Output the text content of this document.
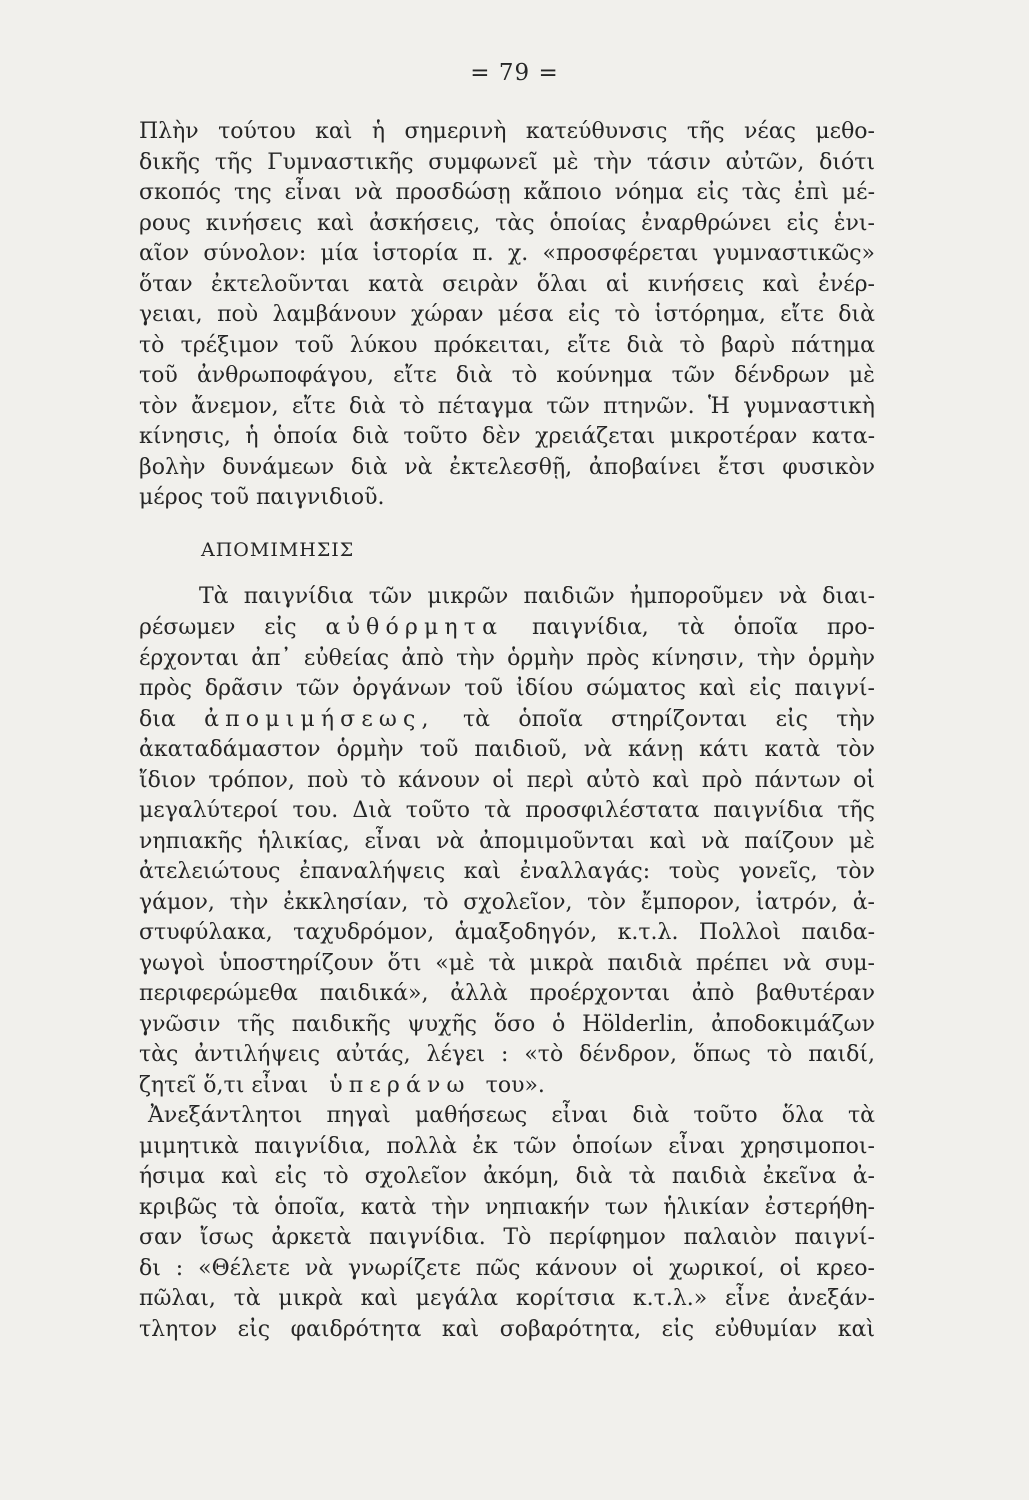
= 79 =
Πλὴν τούτου καὶ ἡ σημερινὴ κατεύθυνσις τῆς νέας μεθο-
δικῆς τῆς Γυμναστικῆς συμφωνεῖ μὲ τὴν τάσιν αὐτῶν, διότι
σκοπός της εἶναι νὰ προσδώσῃ κἄποιο νόημα εἰς τὰς ἐπὶ μέ-
ρους κινήσεις καὶ ἀσκήσεις, τὰς ὁποίας ἐναρθρώνει εἰς ἑνι-
αῖον σύνολον: μία ἱστορία π. χ. «προσφέρεται γυμναστικῶς»
ὅταν ἐκτελοῦνται κατὰ σειρὰν ὅλαι αἱ κινήσεις καὶ ἐνέρ-
γειαι, ποὺ λαμβάνουν χώραν μέσα εἰς τὸ ἱστόρημα, εἴτε διὰ
τὸ τρέξιμον τοῦ λύκου πρόκειται, εἴτε διὰ τὸ βαρὺ πάτημα
τοῦ ἀνθρωποφάγου, εἴτε διὰ τὸ κούνημα τῶν δένδρων μὲ
τὸν ἄνεμον, εἴτε διὰ τὸ πέταγμα τῶν πτηνῶν. Ἡ γυμναστικὴ
κίνησις, ἡ ὁποία διὰ τοῦτο δὲν χρειάζεται μικροτέραν κατα-
βολὴν δυνάμεων διὰ νὰ ἐκτελεσθῇ, ἀποβαίνει ἔτσι φυσικὸν
μέρος τοῦ παιγνιδιοῦ.
ΑΠΟΜΙΜΗΣΙΣ
Τὰ παιγνίδια τῶν μικρῶν παιδιῶν ἠμποροῦμεν νὰ διαι-
ρέσωμεν εἰς αὐθόρμητα παιγνίδια, τὰ ὁποῖα προ-
έρχονται ἀπ᾽ εὐθείας ἀπὸ τὴν ὁρμὴν πρὸς κίνησιν, τὴν ὁρμὴν
πρὸς δρᾶσιν τῶν ὀργάνων τοῦ ἰδίου σώματος καὶ εἰς παιγνί-
δια ἀπομιμήσεως, τὰ ὁποῖα στηρίζονται εἰς τὴν
ἀκαταδάμαστον ὁρμὴν τοῦ παιδιοῦ, νὰ κάνῃ κάτι κατὰ τὸν
ἴδιον τρόπον, ποὺ τὸ κάνουν οἱ περὶ αὐτὸ καὶ πρὸ πάντων οἱ
μεγαλύτεροί του. Διὰ τοῦτο τὰ προσφιλέστατα παιγνίδια τῆς
νηπιακῆς ἡλικίας, εἶναι νὰ ἀπομιμοῦνται καὶ νὰ παίζουν μὲ
ἀτελειώτους ἐπαναλήψεις καὶ ἐναλλαγάς: τοὺς γονεῖς, τὸν
γάμον, τὴν ἐκκλησίαν, τὸ σχολεῖον, τὸν ἔμπορον, ἰατρόν, ἀ-
στυφύλακα, ταχυδρόμον, ἁμαξοδηγόν, κ.τ.λ. Πολλοὶ παιδα-
γωγοὶ ὑποστηρίζουν ὅτι «μὲ τὰ μικρὰ παιδιὰ πρέπει νὰ συμ-
περιφερώμεθα παιδικά», ἀλλὰ προέρχονται ἀπὸ βαθυτέραν
γνῶσιν τῆς παιδικῆς ψυχῆς ὅσο ὁ Hölderlin, ἀποδοκιμάζων
τὰς ἀντιλήψεις αὐτάς, λέγει : «τὸ δένδρον, ὅπως τὸ παιδί,
ζητεῖ ὅ,τι εἶναι ὑπεράνω του».
Ἀνεξάντλητοι πηγαὶ μαθήσεως εἶναι διὰ τοῦτο ὅλα τὰ
μιμητικὰ παιγνίδια, πολλὰ ἐκ τῶν ὁποίων εἶναι χρησιμοποι-
ήσιμα καὶ εἰς τὸ σχολεῖον ἀκόμη, διὰ τὰ παιδιὰ ἐκεῖνα ἀ-
κριβῶς τὰ ὁποῖα, κατὰ τὴν νηπιακήν των ἡλικίαν ἐστερήθη-
σαν ἴσως ἀρκετὰ παιγνίδια. Τὸ περίφημον παλαιὸν παιγνί-
δι : «Θέλετε νὰ γνωρίζετε πῶς κάνουν οἱ χωρικοί, οἱ κρεο-
πῶλαι, τὰ μικρὰ καὶ μεγάλα κορίτσια κ.τ.λ.» εἶνε ἀνεξάν-
τλητον εἰς φαιδρότητα καὶ σοβαρότητα, εἰς εὐθυμίαν καὶ
